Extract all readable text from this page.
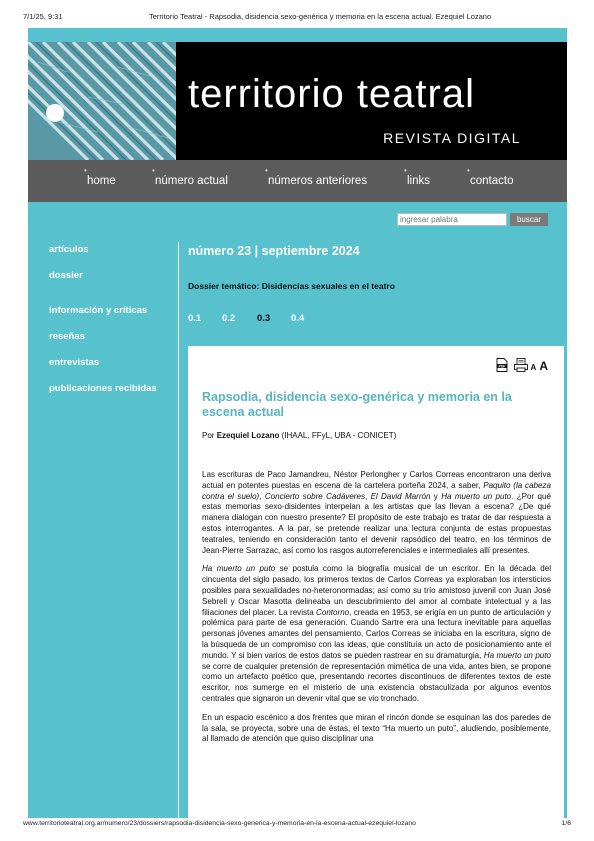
7/1/25, 9:31	Territorio Teatral - Rapsodia, disidencia sexo-genérica y memoria en la escena actual. Ezequiel Lozano
territorio teatral
REVISTA DIGITAL
•
home
•
número actual
•
números anteriores
•
links
•
contacto
ingresar palabra
buscar
artículos
dossier
información y críticas
reseñas
entrevistas
publicaciones recibidas
número 23 | septiembre 2024
Dossier temático: Disidencias sexuales en el teatro
0.1 0.2 0.3 0.4
PDF	A A
Rapsodia, disidencia sexo-genérica y memoria en la escena actual
Por Ezequiel Lozano (IHAAL, FFyL, UBA - CONICET)

Las escrituras de Paco Jamandreu, Néstor Perlongher y Carlos Correas encontraron una deriva actual en potentes puestas en escena de la cartelera porteña 2024, a saber, Paquito (la cabeza contra el suelo), Concierto sobre Cadáveres, El David Marrón y Ha muerto un puto. ¿Por qué estas memorias sexo-disidentes interpelan a les artistas que las llevan a escena? ¿De qué manera dialogan con nuestro presente? El propósito de este trabajo es tratar de dar respuesta a estos interrogantes. A la par, se pretende realizar una lectura conjunta de estas propuestas teatrales, teniendo en consideración tanto el devenir rapsódico del teatro, en los términos de Jean-Pierre Sarrazac, así como los rasgos autorreferenciales e intermediales allí presentes.

Ha muerto un puto se postula como la biografía musical de un escritor. En la década del cincuenta del siglo pasado, los primeros textos de Carlos Correas ya exploraban los intersticios posibles para sexualidades no-heteronormadas; así como su trío amistoso juvenil con Juan José Sebreli y Oscar Masotta delineaba un descubrimiento del amor al combate intelectual y a las filiaciones del placer. La revista Contorno, creada en 1953, se erigía en un punto de articulación y polémica para parte de esa generación. Cuando Sartre era una lectura inevitable para aquellas personas jóvenes amantes del pensamiento, Carlos Correas se iniciaba en la escritura, signo de la búsqueda de un compromiso con las ideas, que constituía un acto de posicionamiento ante el mundo. Y si bien varios de estos datos se pueden rastrear en su dramaturgia, Ha muerto un puto se corre de cualquier pretensión de representación mimética de una vida, antes bien, se propone como un artefacto poético que, presentando recortes discontinuos de diferentes textos de este escritor, nos sumerge en el misterio de una existencia obstaculizada por algunos eventos centrales que signaron un devenir vital que se vio tronchado.

En un espacio escénico a dos frentes que miran el rincón donde se esquinan las dos paredes de la sala, se proyecta, sobre una de éstas, el texto “Ha muerto un puto”, aludiendo, posiblemente, al llamado de atención que quiso disciplinar una

www.territorioteatral.org.ar/numero/23/dossiers/rapsodia-disidencia-sexo-generica-y-memoria-en-la-escena-actual-ezequiel-lozano	1/6
